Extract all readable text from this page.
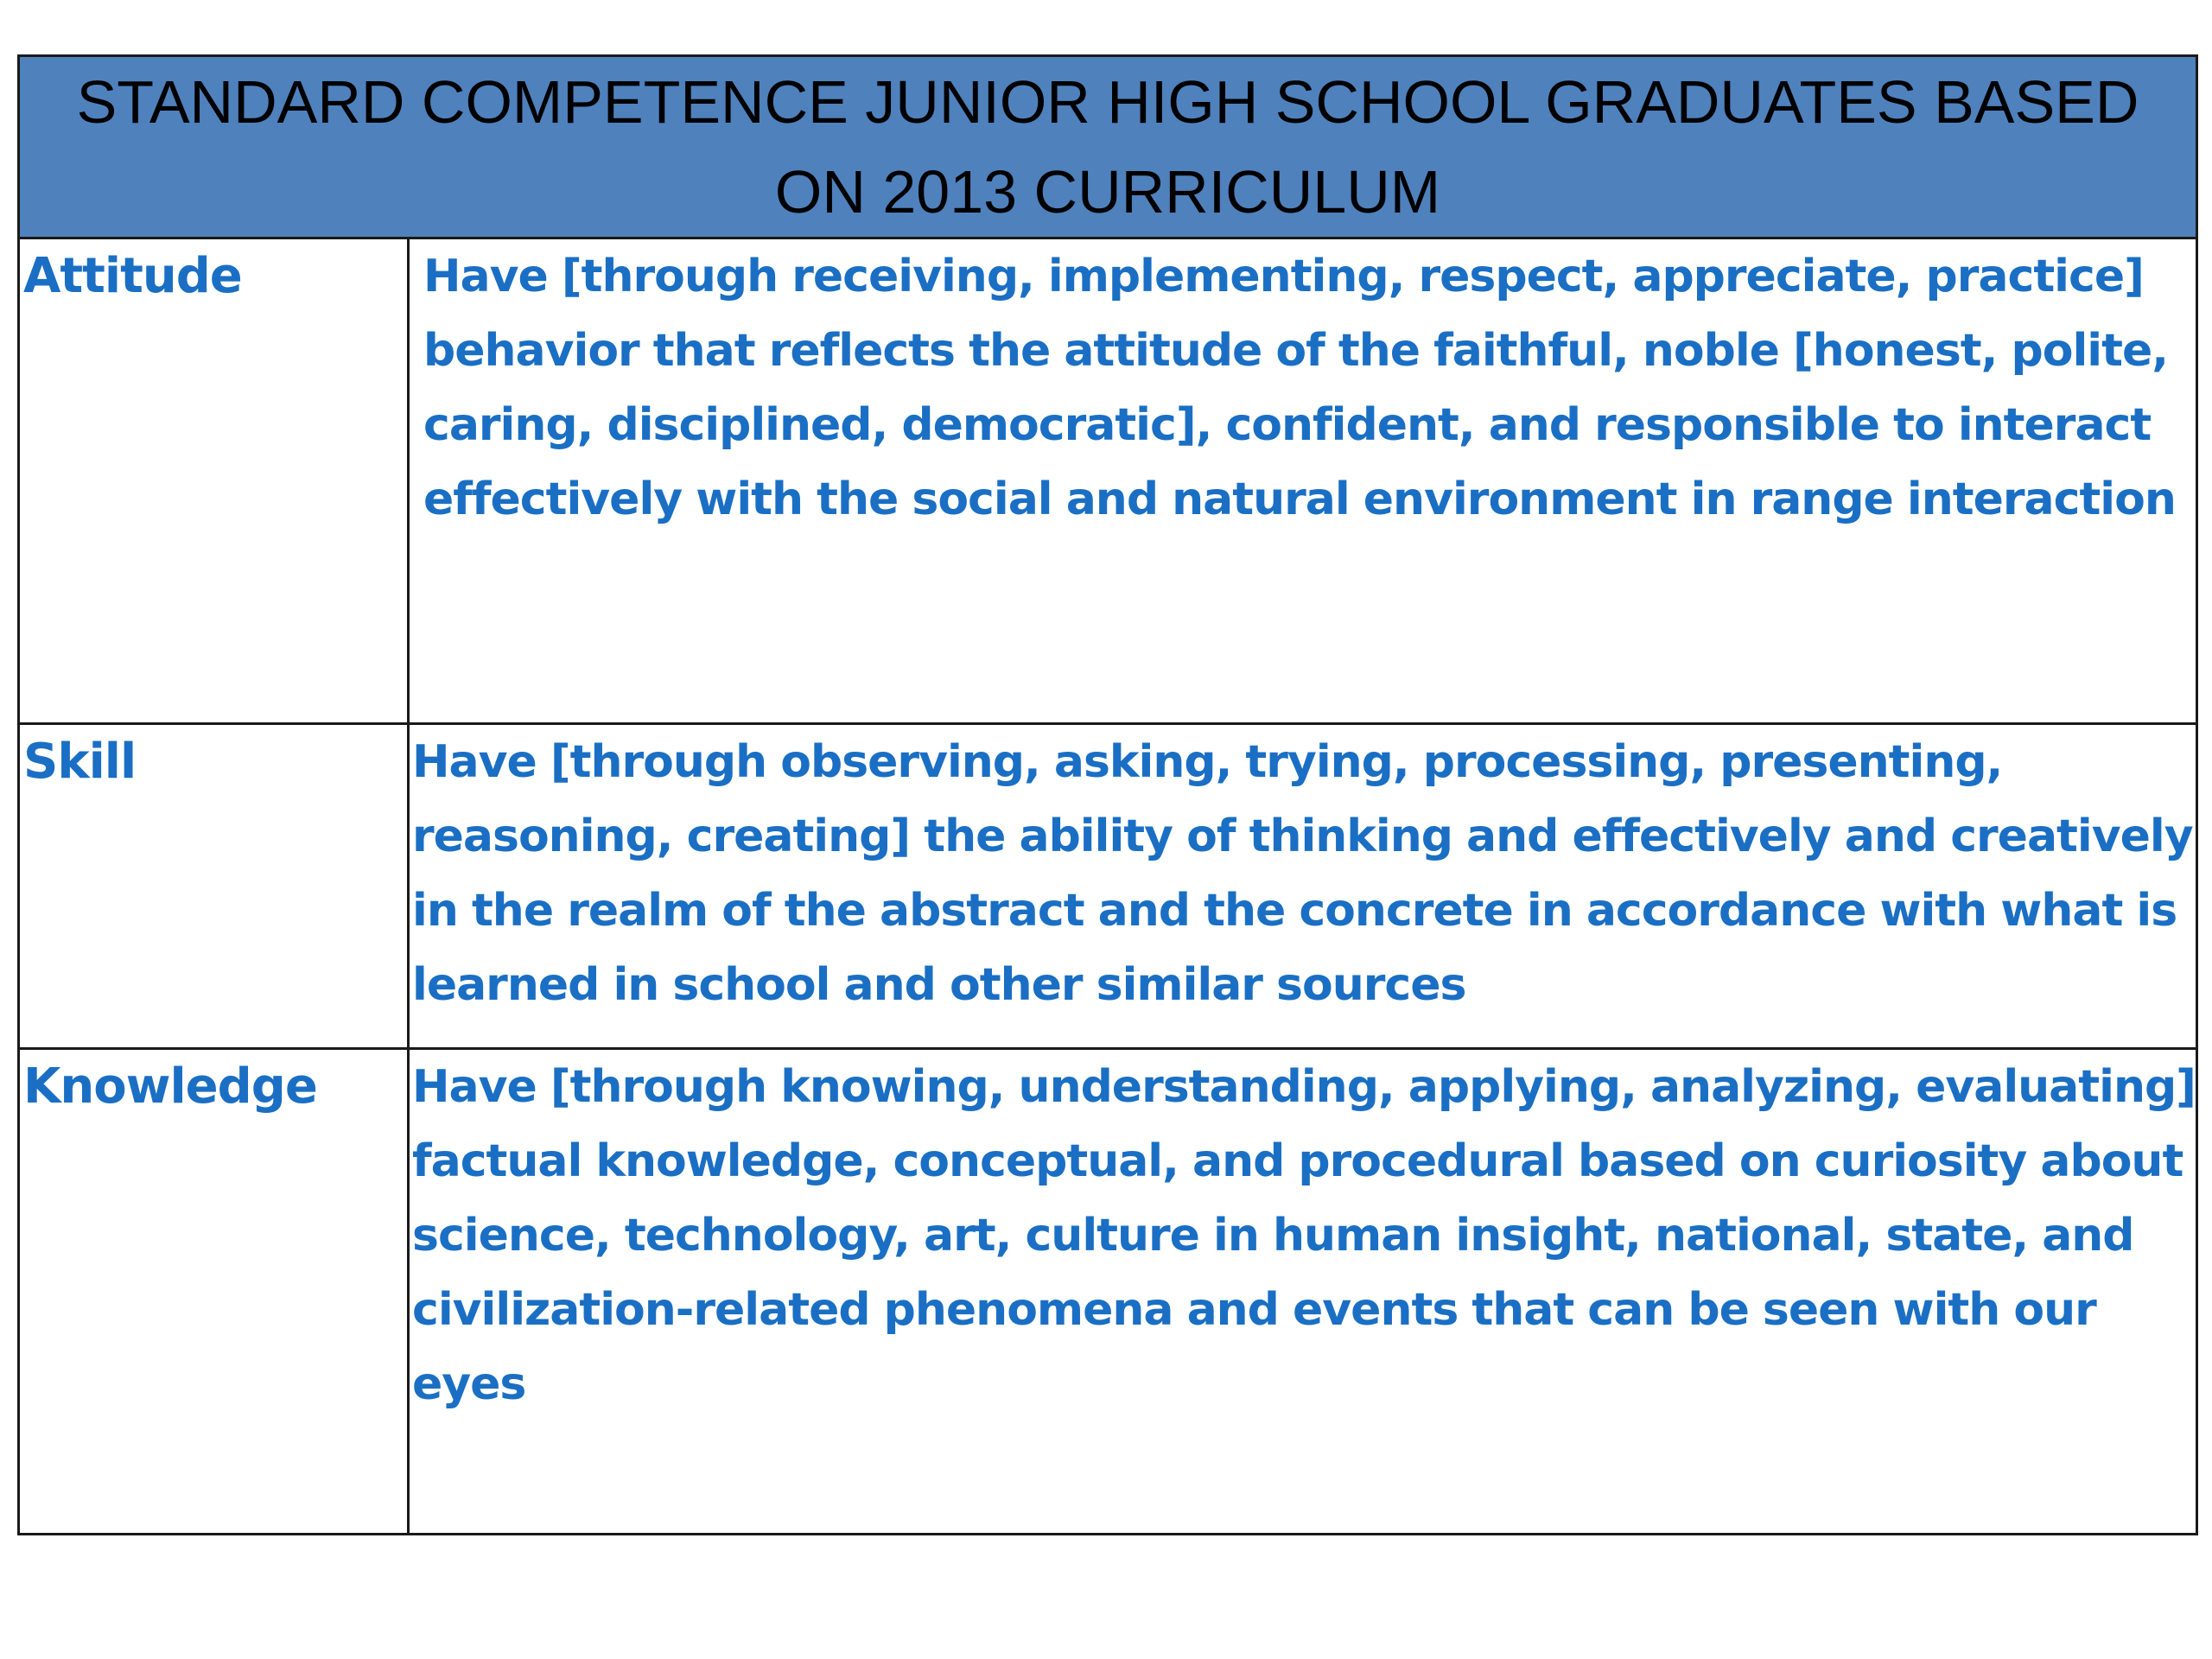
STANDARD COMPETENCE JUNIOR HIGH SCHOOL GRADUATES BASED ON 2013 CURRICULUM	
Attitude	Have [through receiving, implementing, respect, appreciate, practice] behavior that reflects the attitude of the faithful, noble [honest, polite, caring, disciplined, democratic], confident, and responsible to interact effectively with the social and natural environment in range interaction
Skill	Have [through observing, asking, trying, processing, presenting, reasoning, creating] the ability of thinking and effectively and creatively in the realm of the abstract and the concrete in accordance with what is learned in school and other similar sources
Knowledge	Have [through knowing, understanding, applying, analyzing, evaluating] factual knowledge, conceptual, and procedural based on curiosity about science, technology, art, culture in human insight, national, state, and civilization-related phenomena and events that can be seen with our eyes
